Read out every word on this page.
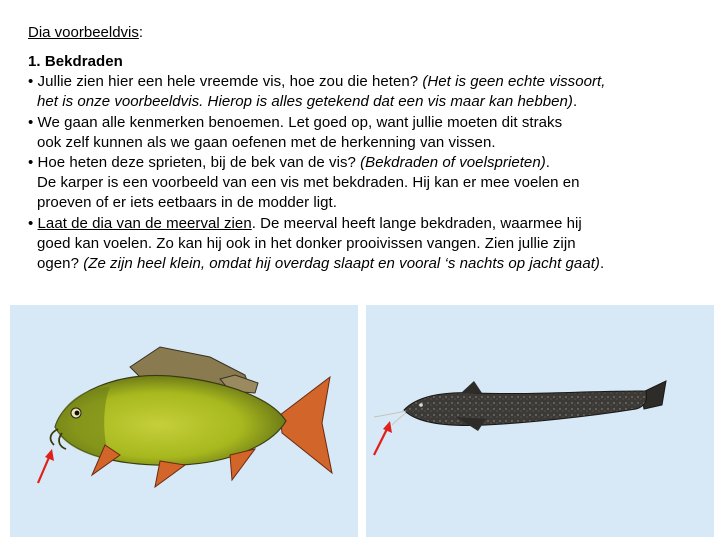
Dia voorbeeldvis:
1. Bekdraden
• Jullie zien hier een hele vreemde vis, hoe zou die heten? (Het is geen echte vissoort,
het is onze voorbeeldvis. Hierop is alles getekend dat een vis maar kan hebben).
• We gaan alle kenmerken benoemen. Let goed op, want jullie moeten dit straks
ook zelf kunnen als we gaan oefenen met de herkenning van vissen.
• Hoe heten deze sprieten, bij de bek van de vis? (Bekdraden of voelsprieten).
De karper is een voorbeeld van een vis met bekdraden. Hij kan er mee voelen en
proeven of er iets eetbaars in de modder ligt.
• Laat de dia van de meerval zien. De meerval heeft lange bekdraden, waarmee hij
goed kan voelen. Zo kan hij ook in het donker prooivissen vangen. Zien jullie zijn
ogen? (Ze zijn heel klein, omdat hij overdag slaapt en vooral ‘s nachts op jacht gaat).
